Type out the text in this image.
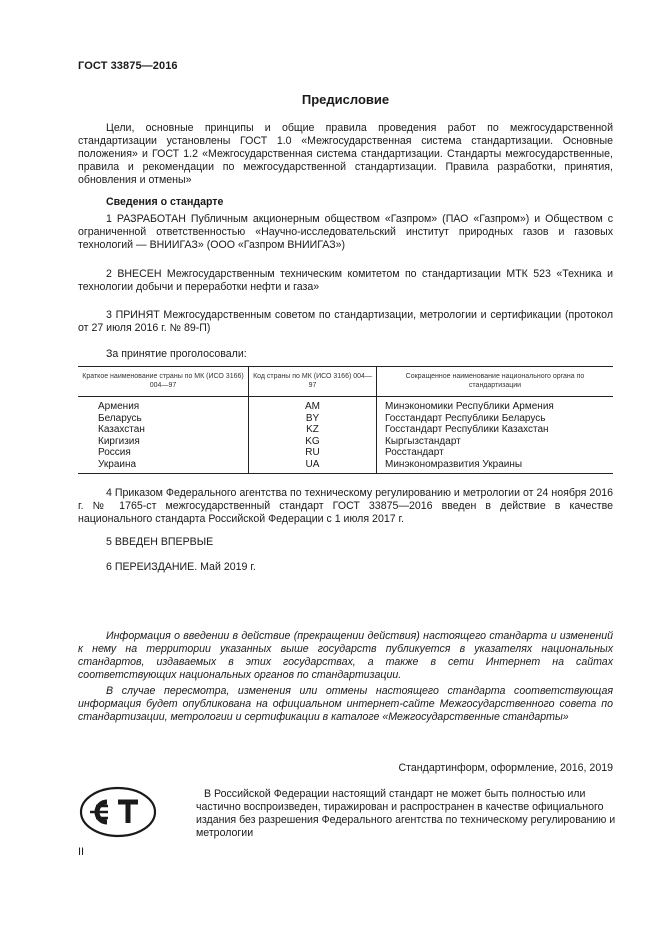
ГОСТ 33875—2016
Предисловие

Цели, основные принципы и общие правила проведения работ по межгосударственной стандартизации установлены ГОСТ 1.0 «Межгосударственная система стандартизации. Основные положения» и ГОСТ 1.2 «Межгосударственная система стандартизации. Стандарты межгосударственные, правила и рекомендации по межгосударственной стандартизации. Правила разработки, принятия, обновления и отмены»

Сведения о стандарте

1 РАЗРАБОТАН Публичным акционерным обществом «Газпром» (ПАО «Газпром») и Обществом с ограниченной ответственностью «Научно-исследовательский институт природных газов и газовых технологий — ВНИИГАЗ» (ООО «Газпром ВНИИГАЗ»)

2 ВНЕСЕН Межгосударственным техническим комитетом по стандартизации МТК 523 «Техника и технологии добычи и переработки нефти и газа»

3 ПРИНЯТ Межгосударственным советом по стандартизации, метрологии и сертификации (протокол от 27 июля 2016 г. № 89-П)

За принятие проголосовали:

Краткое наименование страны по МК (ИСО 3166) 004—97	Код страны по МК (ИСО 3166) 004—97	Сокращенное наименование национального органа по стандартизации
Армения	AM	Минэкономики Республики Армения
Беларусь	BY	Госстандарт Республики Беларусь
Казахстан	KZ	Госстандарт Республики Казахстан
Киргизия	KG	Кыргызстандарт
Россия	RU	Росстандарт
Украина	UA	Минэкономразвития Украины

4 Приказом Федерального агентства по техническому регулированию и метрологии от 24 ноября 2016 г. № 1765-ст межгосударственный стандарт ГОСТ 33875—2016 введен в действие в качестве национального стандарта Российской Федерации с 1 июля 2017 г.

5 ВВЕДЕН ВПЕРВЫЕ

6 ПЕРЕИЗДАНИЕ. Май 2019 г.

Информация о введении в действие (прекращении действия) настоящего стандарта и изменений к нему на территории указанных выше государств публикуется в указателях национальных стандартов, издаваемых в этих государствах, а также в сети Интернет на сайтах соответствующих национальных органов по стандартизации.

В случае пересмотра, изменения или отмены настоящего стандарта соответствующая информация будет опубликована на официальном интернет-сайте Межгосударственного совета по стандартизации, метрологии и сертификации в каталоге «Межгосударственные стандарты»

Стандартинформ, оформление, 2016, 2019

В Российской Федерации настоящий стандарт не может быть полностью или частично воспроизведен, тиражирован и распространен в качестве официального издания без разрешения Федерального агентства по техническому регулированию и метрологии

II
